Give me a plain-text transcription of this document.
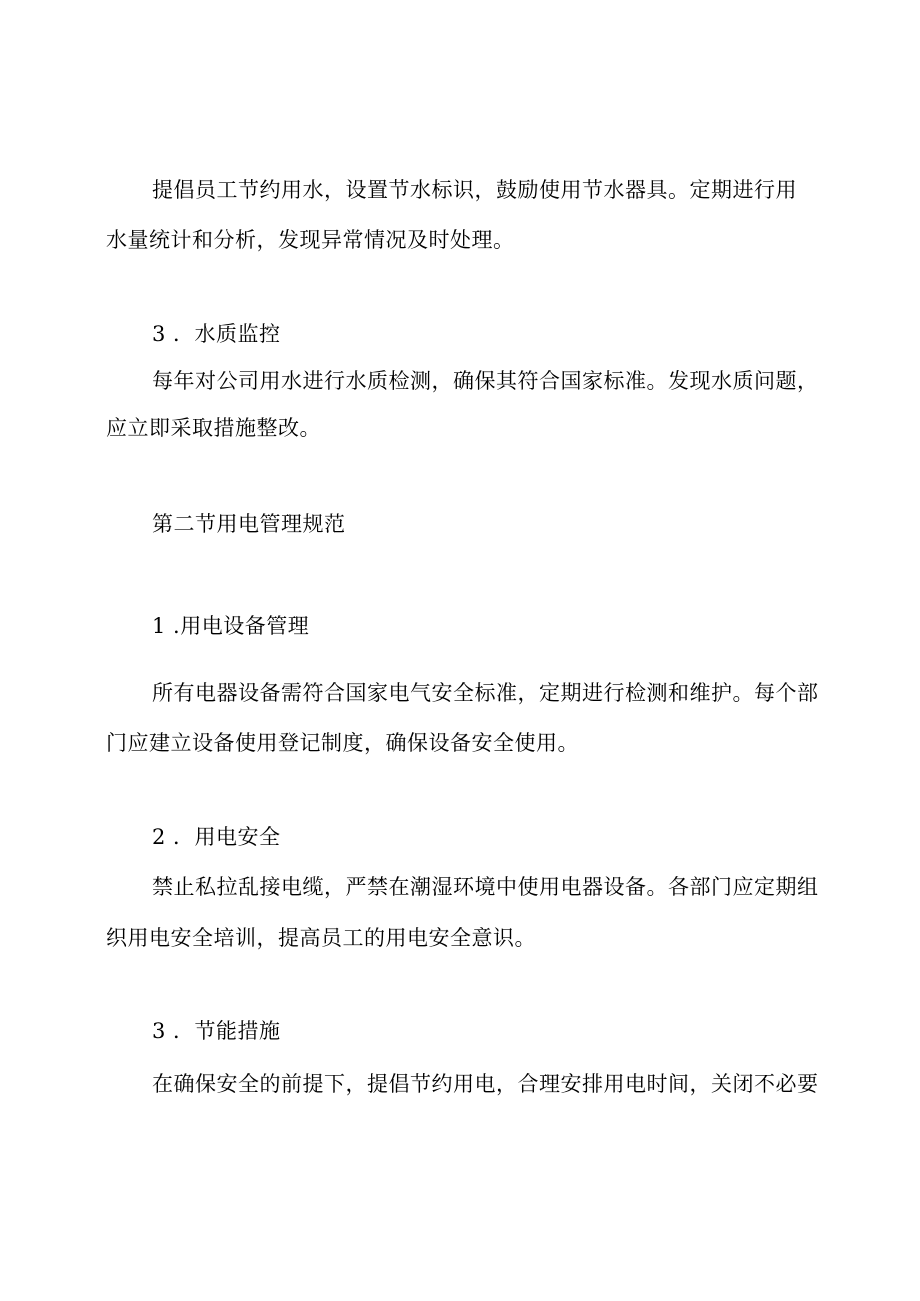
提倡员工节约用水，设置节水标识，鼓励使用节水器具。定期进行用
水量统计和分析，发现异常情况及时处理。
3 ．水质监控
每年对公司用水进行水质检测，确保其符合国家标准。发现水质问题，
应立即采取措施整改。
第二节用电管理规范
1 .用电设备管理
所有电器设备需符合国家电气安全标准，定期进行检测和维护。每个部
门应建立设备使用登记制度，确保设备安全使用。
2 ．用电安全
禁止私拉乱接电缆，严禁在潮湿环境中使用电器设备。各部门应定期组
织用电安全培训，提高员工的用电安全意识。
3 ．节能措施
在确保安全的前提下，提倡节约用电，合理安排用电时间，关闭不必要
